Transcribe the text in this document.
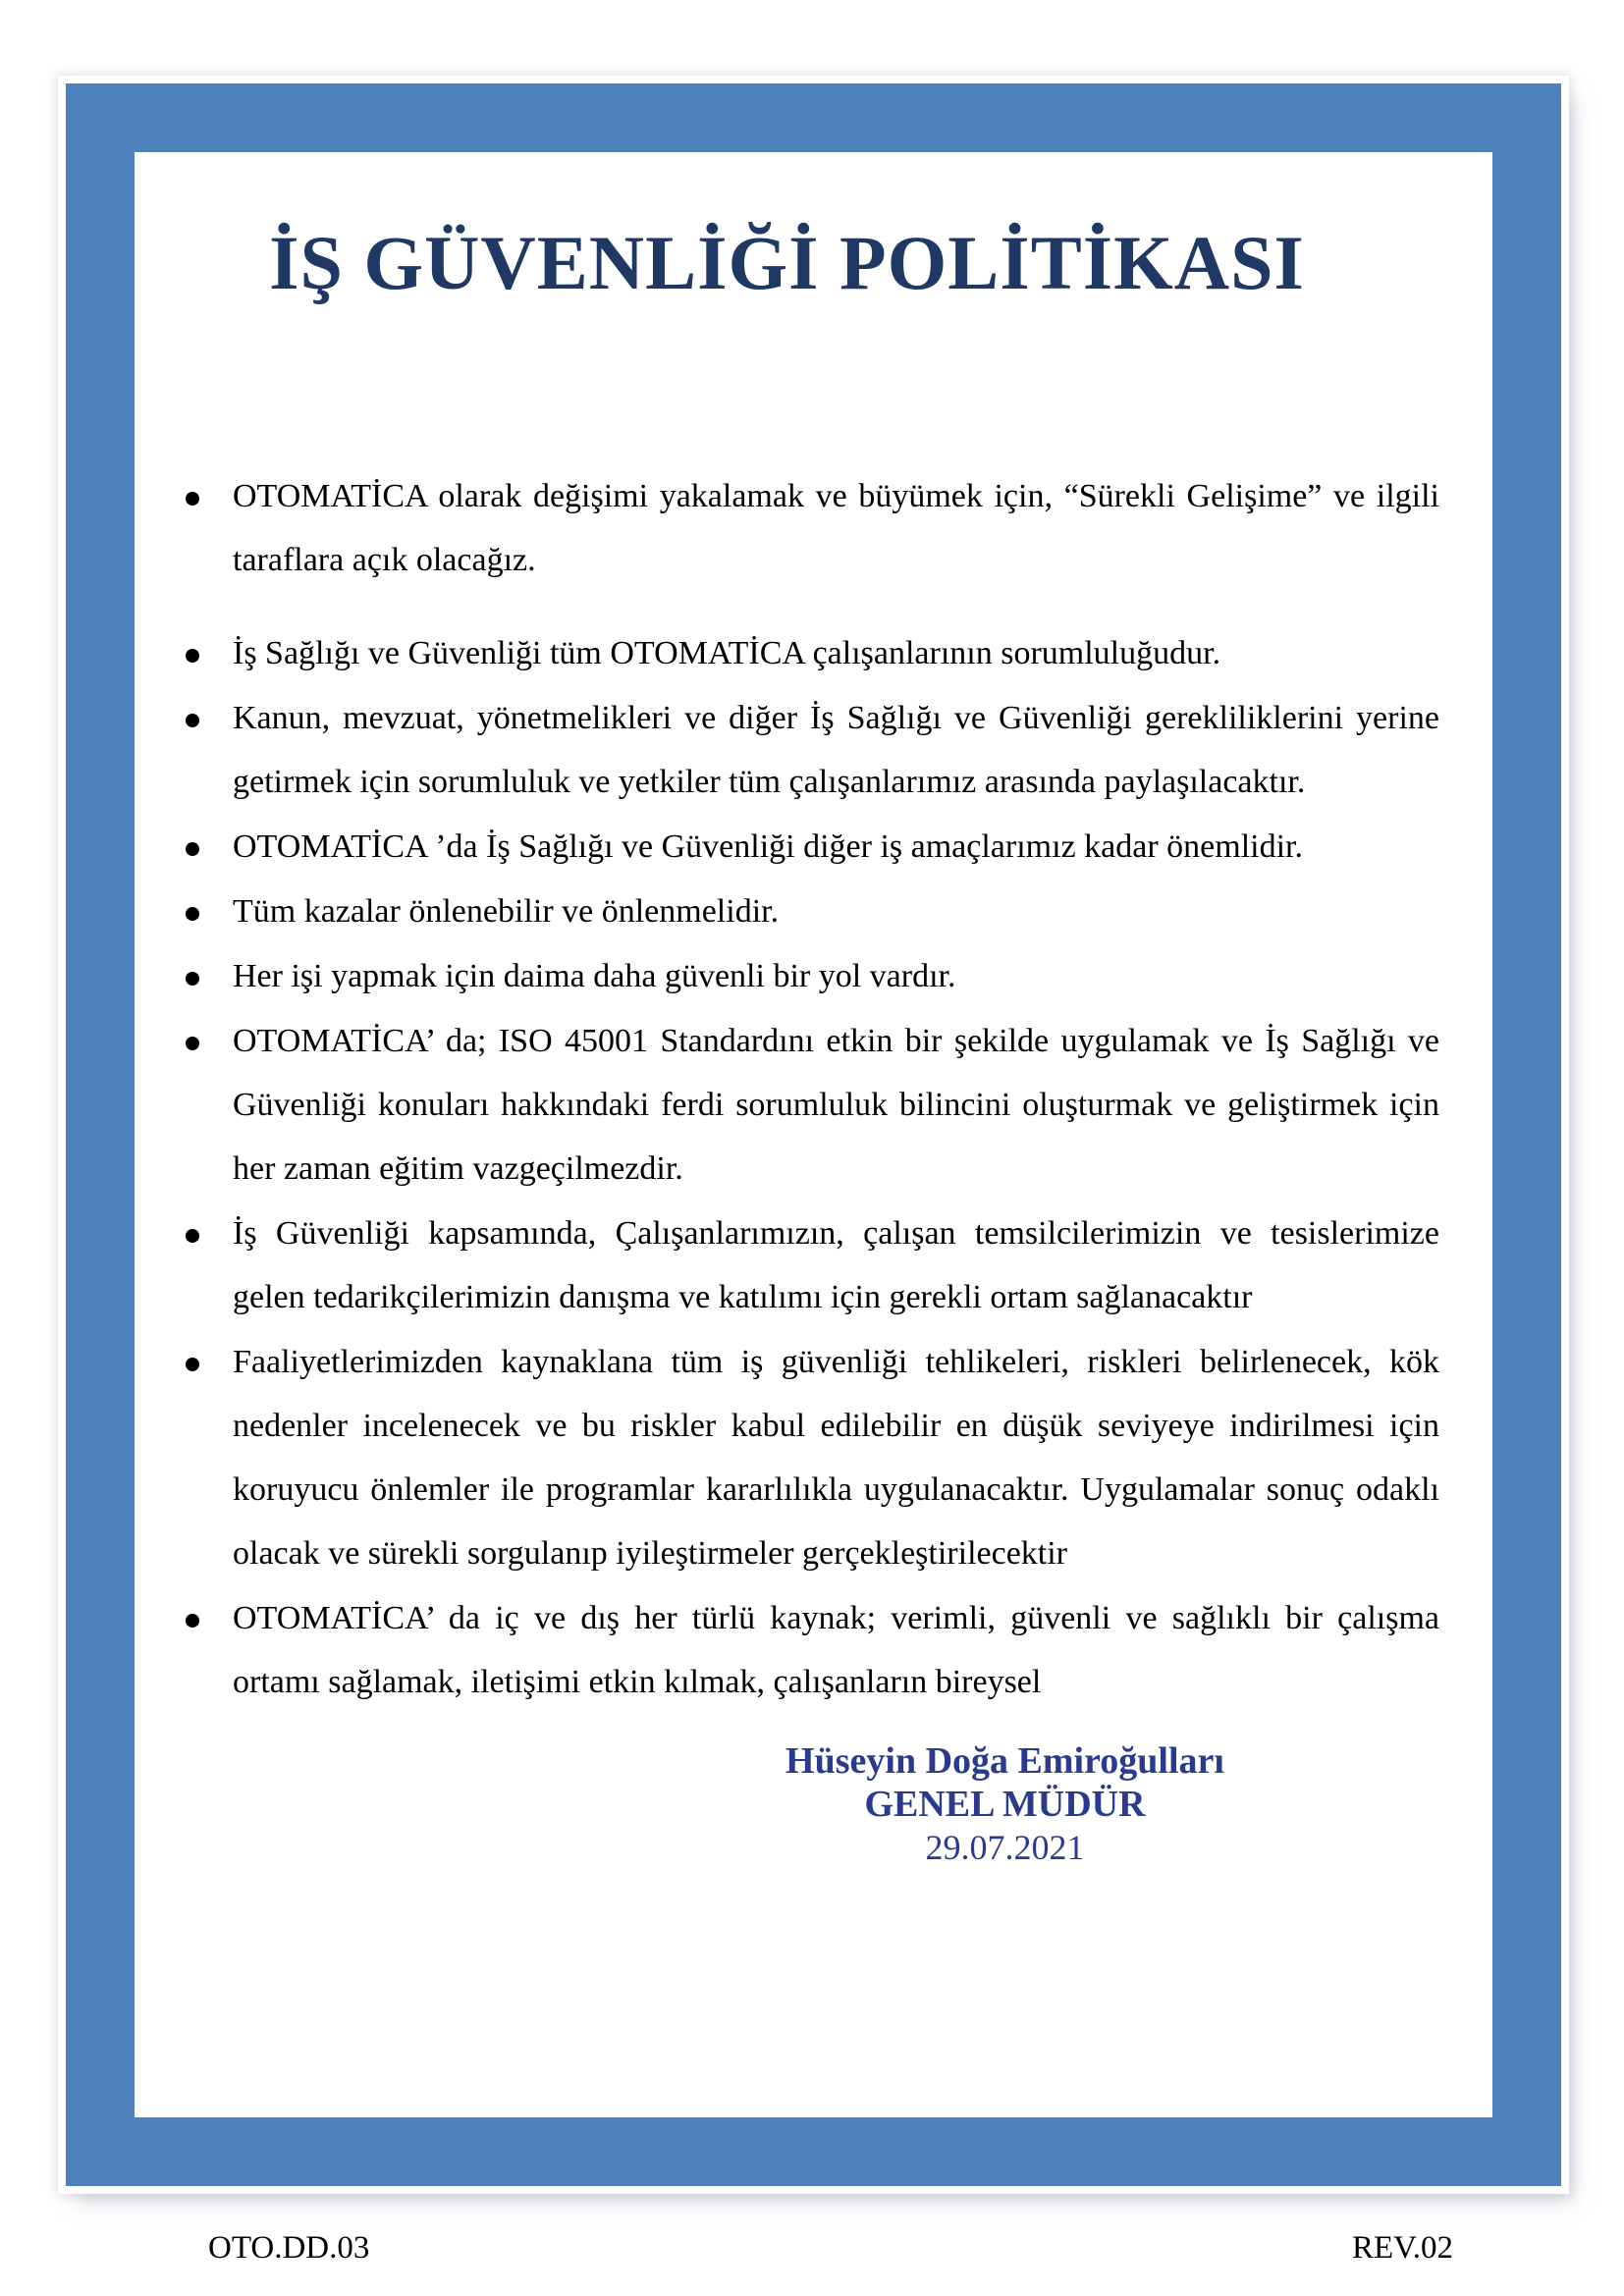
İŞ GÜVENLİĞİ POLİTİKASI
OTOMATİCA olarak değişimi yakalamak ve büyümek için, “Sürekli Gelişime” ve ilgili taraflara açık olacağız.
İş Sağlığı ve Güvenliği tüm OTOMATİCA çalışanlarının sorumluluğudur.
Kanun, mevzuat, yönetmelikleri ve diğer İş Sağlığı ve Güvenliği gerekliliklerini yerine getirmek için sorumluluk ve yetkiler tüm çalışanlarımız arasında paylaşılacaktır.
OTOMATİCA ’da İş Sağlığı ve Güvenliği diğer iş amaçlarımız kadar önemlidir.
Tüm kazalar önlenebilir ve önlenmelidir.
Her işi yapmak için daima daha güvenli bir yol vardır.
OTOMATİCA’ da; ISO 45001 Standardını etkin bir şekilde uygulamak ve İş Sağlığı ve Güvenliği konuları hakkındaki ferdi sorumluluk bilincini oluşturmak ve geliştirmek için her zaman eğitim vazgeçilmezdir.
İş Güvenliği kapsamında, Çalışanlarımızın, çalışan temsilcilerimizin ve tesislerimize gelen tedarikçilerimizin danışma ve katılımı için gerekli ortam sağlanacaktır
Faaliyetlerimizden kaynaklana tüm iş güvenliği tehlikeleri, riskleri belirlenecek, kök nedenler incelenecek ve bu riskler kabul edilebilir en düşük seviyeye indirilmesi için koruyucu önlemler ile programlar kararlılıkla uygulanacaktır. Uygulamalar sonuç odaklı olacak ve sürekli sorgulanıp iyileştirmeler gerçekleştirilecektir
OTOMATİCA’ da iç ve dış her türlü kaynak; verimli, güvenli ve sağlıklı bir çalışma ortamı sağlamak, iletişimi etkin kılmak, çalışanların bireysel
Hüseyin Doğa Emiroğulları
GENEL MÜDÜR
29.07.2021
OTO.DD.03	REV.02
